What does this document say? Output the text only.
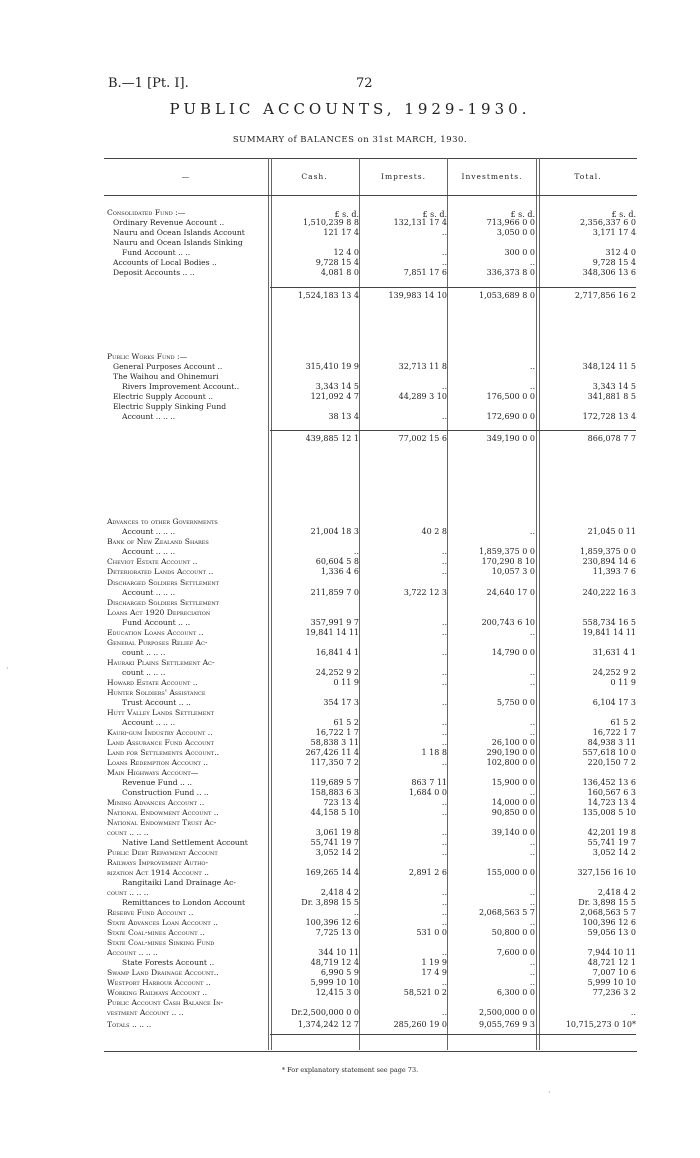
B.—1 [Pt. I].	72
PUBLIC ACCOUNTS, 1929-1930.
SUMMARY of BALANCES on 31st MARCH, 1930.
—	Cash.	Imprests.	Investments.	Total.
£ s. d.	£ s. d.	£ s. d.	£ s. d.
Consolidated Fund :—
Ordinary Revenue Account ..	1,510,239 8 8	132,131 17 4	713,966 0 0	2,356,337 6 0
Nauru and Ocean Islands Account	121 17 4	..	3,050 0 0	3,171 17 4
Nauru and Ocean Islands Sinking
Fund Account .. ..	12 4 0	..	300 0 0	312 4 0
Accounts of Local Bodies ..	9,728 15 4	..	..	9,728 15 4
Deposit Accounts .. ..	4,081 8 0	7,851 17 6	336,373 8 0	348,306 13 6
1,524,183 13 4	139,983 14 10	1,053,689 8 0	2,717,856 16 2
Public Works Fund :—
General Purposes Account ..	315,410 19 9	32,713 11 8	..	348,124 11 5
The Waihou and Ohinemuri
Rivers Improvement Account..	3,343 14 5	..	..	3,343 14 5
Electric Supply Account ..	121,092 4 7	44,289 3 10	176,500 0 0	341,881 8 5
Electric Supply Sinking Fund
Account .. .. ..	38 13 4	..	172,690 0 0	172,728 13 4
439,885 12 1	77,002 15 6	349,190 0 0	866,078 7 7
Advances to other Governments
Account .. .. ..	21,004 18 3	40 2 8	..	21,045 0 11
Bank of New Zealand Shares
Account .. .. ..	..	..	1,859,375 0 0	1,859,375 0 0
Cheviot Estate Account ..	60,604 5 8	..	170,290 8 10	230,894 14 6
Deteriorated Lands Account ..	1,336 4 6	..	10,057 3 0	11,393 7 6
Discharged Soldiers Settlement
Account .. .. ..	211,859 7 0	3,722 12 3	24,640 17 0	240,222 16 3
Discharged Soldiers Settlement
Loans Act 1920 Depreciation
Fund Account .. ..	357,991 9 7	..	200,743 6 10	558,734 16 5
Education Loans Account ..	19,841 14 11	..	..	19,841 14 11
General Purposes Relief Ac-
count .. .. ..	16,841 4 1	..	14,790 0 0	31,631 4 1
Hauraki Plains Settlement Ac-
count .. .. ..	24,252 9 2	..	..	24,252 9 2
Howard Estate Account ..	0 11 9	..	..	0 11 9
Hunter Soldiers' Assistance
Trust Account .. ..	354 17 3	..	5,750 0 0	6,104 17 3
Hutt Valley Lands Settlement
Account .. .. ..	61 5 2	..	..	61 5 2
Kauri-gum Industry Account ..	16,722 1 7	..	..	16,722 1 7
Land Assurance Fund Account	58,838 3 11	..	26,100 0 0	84,938 3 11
Land for Settlements Account..	267,426 11 4	1 18 8	290,190 0 0	557,618 10 0
Loans Redemption Account ..	117,350 7 2	..	102,800 0 0	220,150 7 2
Main Highways Account—
Revenue Fund .. ..	119,689 5 7	863 7 11	15,900 0 0	136,452 13 6
Construction Fund .. ..	158,883 6 3	1,684 0 0	..	160,567 6 3
Mining Advances Account ..	723 13 4	..	14,000 0 0	14,723 13 4
National Endowment Account ..	44,158 5 10	..	90,850 0 0	135,008 5 10
National Endowment Trust Ac-
count .. .. ..	3,061 19 8	..	39,140 0 0	42,201 19 8
Native Land Settlement Account	55,741 19 7	..	..	55,741 19 7
Public Debt Repayment Account	3,052 14 2	..	..	3,052 14 2
Railways Improvement Autho-
rization Act 1914 Account ..	169,265 14 4	2,891 2 6	155,000 0 0	327,156 16 10
Rangitaiki Land Drainage Ac-
count .. .. ..	2,418 4 2	..	..	2,418 4 2
Remittances to London Account	Dr. 3,898 15 5	..	..	Dr. 3,898 15 5
Reserve Fund Account ..	..	..	2,068,563 5 7	2,068,563 5 7
State Advances Loan Account ..	100,396 12 6	..	..	100,396 12 6
State Coal-mines Account ..	7,725 13 0	531 0 0	50,800 0 0	59,056 13 0
State Coal-mines Sinking Fund
Account .. .. ..	344 10 11	..	7,600 0 0	7,944 10 11
State Forests Account ..	48,719 12 4	1 19 9	..	48,721 12 1
Swamp Land Drainage Account..	6,990 5 9	17 4 9	..	7,007 10 6
Westport Harbour Account ..	5,999 10 10	..	..	5,999 10 10
Working Railways Account ..	12,415 3 0	58,521 0 2	6,300 0 0	77,236 3 2
Public Account Cash Balance In-
vestment Account .. ..	Dr.2,500,000 0 0	..	2,500,000 0 0	..
Totals .. .. ..	1,374,242 12 7	285,260 19 0	9,055,769 9 3	10,715,273 0 10*
* For explanatory statement see page 73.
·
·
